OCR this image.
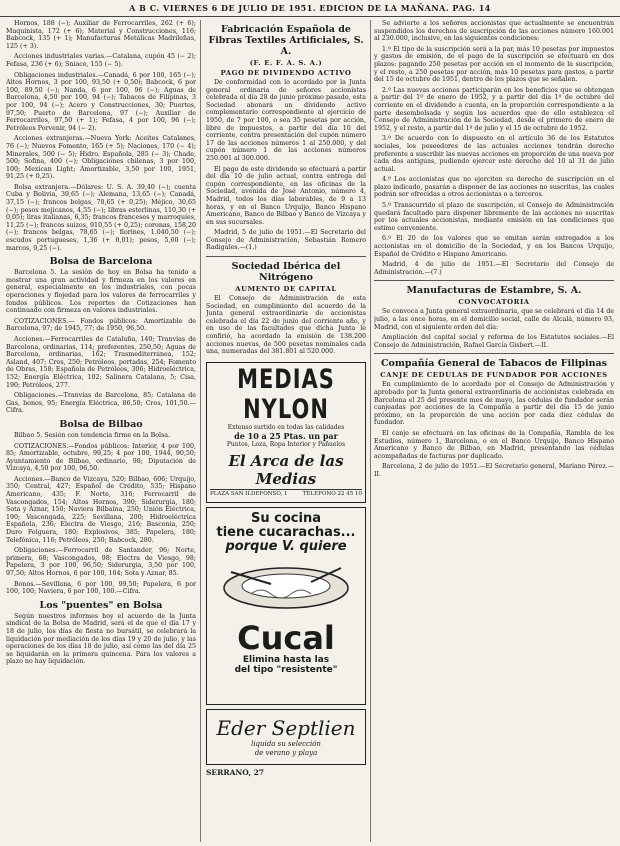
A B C. VIERNES 6 DE JULIO DE 1951. EDICION DE LA MAÑANA. PAG. 14

Hornos, 188 (−); Auxiliar de Ferrocarriles, 262 (+ 6); Maquinista, 172 (+ 6); Material y Construcciones, 116; Babcock, 135 (+ 1); Manufacturas Metálicas Madrileñas, 125 (+ 3).

Acciones industriales varias.—Catalana, cupón 45 (− 2); Fefasa, 236 (+ 6); Sniace, 155 (− 5).

Obligaciones industriales.—Canadá, 6 por 100, 165 (−); Altos Hornos, 3 por 100, 93,50 (+ 0,50); Babcock, 6 por 100, 89,50 (−); Nanda, 6 por 100, 96 (−); Aguas de Barcelona, 4,50 por 100, 94 (−); Tabacos de Filipinas, 3 por 100, 94 (−); Acero y Construcciones, 30; Puertos, 97,50; Puerto de Barcelona, 97 (−); Auxiliar de Ferrocarriles, 97,50 (+ 1); Fefasa, 4 por 100, 96 (−); Petróleos Porvenir, 94 (− 2).

Acciones extranjeras.—Nueva York: Aceites Catalanes, 76 (−); Nuevos Fomento, 165 (+ 5); Naciones, 170 (− 4); Minerales, 500 (− 5); Hidro. Española, 285 (− 3); Chade, 500; Sofina, 400 (−); Obligaciones chilenas, 3 por 100, 100; Mexican Light; Amortizable, 3,50 por 100, 1951, 91,25 (+ 0,25).

Bolsa extranjera.—Dólares: U. S. A. 39,40 (−); cuenta Cuba y Bolivia, 39,65 (−); Alemana, 13,65 (−); Canadá, 37,15 (−); francos belgas, 78,65 (+ 0,25); Méjico, 30,65 (−); pesos mejicanos, 4,55 (−); libras esterlinas, 110,30 (+ 0,05); liras italianas, 6,35; francos franceses y marroquíes, 11,25 (−); francos suizos, 910,55 (+ 0,25); coronas, 158,20 (−); francos belgas, 78,65 (−); florines, 1.040,50 (−); escudos portugueses, 1,36 (+ 0,01); pesos, 5,60 (−); marcos, 9,25 (−).

Bolsa de Barcelona

Barcelona 5. La sesión de hoy en Bolsa ha tenido a mostrar una gran actividad y firmeza en los valores en general, especialmente en los industriales, con pocas operaciones y flojedad para los valores de ferrocarriles y fondos públicos. Los reportes de Cotizaciones han continuado con firmeza en valores industriales.

COTIZACIONES.— Fondos públicos: Amortizable de Barcelona, 97; de 1945, 77; de 1950, 96,50.

Acciones.—Ferrocarriles de Cataluña, 140; Tranvías de Barcelona, ordinarias, 114; preferentes, 250,50; Aguas de Barcelona, ordinarias, 162; Trasmediterránea, 152; Asland, 407; Cros, 250; Petróleos, portadas, 254; Fomento de Obras, 158; Española de Petróleos, 306; Hidroeléctrica, 152; Energía Eléctrica, 102; Salinera Catalana, 5; Cisa, 190; Petróleos, 277.

Obligaciones.—Tranvías de Barcelona, 85; Catalana de Gas, bonos, 95; Energía Eléctrica, 86,50; Cros, 101,50.—Cifra.

Bolsa de Bilbao

Bilbao 5. Sesión con tendencia firme en la Bolsa.

COTIZACIONES.—Fondos públicos: Interior, 4 por 100, 85; Amortizable, octubre, 99,25; 4 por 100, 1944, 90,50; Ayuntamiento de Bilbao, ordinario, 98; Diputación de Vizcaya, 4,50 por 100, 96,50.

Acciones.—Banco de Vizcaya, 520; Bilbao, 606; Urquijo, 350; Central, 427; Español de Crédito, 535; Hispano Americano, 435; F. Norte, 316; Ferrocarril de Vascongados, 154; Altos Hornos, 390; Siderurgia, 180; Sota y Aznar, 150; Naviera Bilbaína, 250; Unión Eléctrica, 190; Vascongada, 225; Sevillana, 200; Hidroeléctrica Española, 236; Electra de Viesgo, 216; Basconia, 250; Duro Felguera, 180; Explosivos, 385; Papelera, 180; Telefónica, 116; Petróleos, 250; Babcock, 280.

Obligaciones.—Ferrocarril de Santander, 96; Norte, primera, 68; Vascongados, 98; Electra de Viesgo, 98; Papelera, 3 por 100, 96,50; Siderurgia, 3,50 por 100, 97,50; Altos Hornos, 6 por 100, 104; Sota y Aznar, 85.

Bonos.—Sevillana, 6 por 100, 99,50; Papelera, 6 por 100, 100; Naviera, 6 por 100, 100.—Cifra.

Los "puentes" en Bolsa

Según nuestros informes hoy el acuerdo de la Junta sindical de la Bolsa de Madrid, será el de que el día 17 y 18 de julio, los días de fiesta no bursátil, se celebrará la liquidación por mediación de los días 19 y 20 de julio, y las operaciones de los días 18 de julio, así como las del día 25 se liquidarán en la primera quincena. Para los valores a plazo no hay liquidación.

Fabricación Española de Fibras Textiles Artificiales, S. A.
(F. E. F. A. S. A.)
PAGO DE DIVIDENDO ACTIVO

De conformidad con lo acordado por la Junta general ordinaria de señores accionistas celebrada el día 28 de junio próximo pasado, esta Sociedad abonará un dividendo activo complementario correspondiente al ejercicio de 1950, de 7 por 100, o sea 35 pesetas por acción, libre de impuestos, a partir del día 10 del corriente, contra presentación del cupón número 17 de las acciones números 1 al 250.000, y del cupón número 1 de las acciones números 250.001 al 300.000.

El pago de este dividendo se efectuará a partir del día 10 de julio actual, contra entrega del cupón correspondiente, en las oficinas de la Sociedad, avenida de José Antonio, número 4, Madrid, todos los días laborables, de 9 a 13 horas, y en el Banco Urquijo, Banco Hispano Americano, Banco de Bilbao y Banco de Vizcaya y en sus sucursales.

Madrid, 5 de julio de 1951.—El Secretario del Consejo de Administración, Sebastián Romero Radigales.—(1.)

Sociedad Ibérica del Nitrógeno
AUMENTO DE CAPITAL

El Consejo de Administración de esta Sociedad, en cumplimiento del acuerdo de la Junta general extraordinaria de accionistas celebrada el día 22 de junio del corriente año, y en uso de las facultades que dicha Junta le confirió, ha acordado la emisión de 138.200 acciones nuevas, de 500 pesetas nominales cada una, numeradas del 381.801 al 520.000.

MEDIAS NYLON
Extenso surtido en todas las calidades
de 10 a 25 Ptas. un par
Puntos, Loza, Ropa Interior y Pañuelos
El Arca de las Medias
PLAZA SAN ILDEFONSO, 1	TELEFONO 22 45 10
Su cocina
tiene cucarachas...
porque V. quiere
Cucal
Elimina hasta las
del tipo "resistente"
Eder Septlien
liquida su selección
de verano y playa
SERRANO, 27

Se advierte a los señores accionistas que actualmente se encuentran suspendidos los derechos de suscripción de las acciones número 160.001 al 230.000, inclusive, en las siguientes condiciones:

1.º El tipo de la suscripción será a la par, más 10 pesetas por impuestos y gastos de emisión, de el pago de la suscripción se efectuará en dos plazos: pagando 250 pesetas por acción en el momento de la suscripción, y el resto, a 250 pesetas por acción, más 10 pesetas para gastos, a partir del 15 de octubre de 1951, dentro de los plazos que se señalen.

2.º Las nuevas acciones participarán en los beneficios que se obtengan a partir del 1º de enero de 1952, y a partir del día 1º de octubre del corriente en el dividendo a cuenta, en la proporción correspondiente a la parte desembolsada y según los acuerdos que de ello establezca el Consejo de Administración de la Sociedad, desde el primero de enero de 1952, y el resto, a partir del 1º de julio y el 15 de octubre de 1952.

3.º De acuerdo con lo dispuesto en el artículo 36 de los Estatutos sociales, los poseedores de las actuales acciones tendrán derecho preferente a suscribir las nuevas acciones en proporción de una nueva por cada dos antiguas, pudiendo ejercer este derecho del 10 al 31 de julio actual.

4.º Los accionistas que no ejerciten su derecho de suscripción en el plazo indicado, pasarán a disponer de las acciones no suscritas, las cuales podrán ser ofrecidas a otros accionistas o a terceros.

5.º Transcurrido el plazo de suscripción, el Consejo de Administración quedará facultado para disponer libremente de las acciones no suscritas por los actuales accionistas, mediante emisión en las condiciones que estime conveniente.

6.º El 20 de los valores que se emitan serán entregados a los accionistas en el domicilio de la Sociedad, y en los Bancos Urquijo, Español de Crédito e Hispano Americano.

Madrid, 4 de julio de 1951.—El Secretario del Consejo de Administración.—(7.)

Manufacturas de Estambre, S. A.
CONVOCATORIA

Se convoca a Junta general extraordinaria, que se celebrará el día 14 de julio, a las once horas, en el domicilio social, calle de Alcalá, número 93, Madrid, con el siguiente orden del día:

Ampliación del capital social y reforma de los Estatutos sociales.—El Consejo de Administración, Rafael García Gisbert.—II.

Compañía General de Tabacos de Filipinas
CANJE DE CEDULAS DE FUNDADOR POR ACCIONES

En cumplimiento de lo acordado por el Consejo de Administración y aprobado por la Junta general extraordinaria de accionistas celebrada en Barcelona el 25 del presente mes de mayo, las cédulas de fundador serán canjeadas por acciones de la Compañía a partir del día 15 de junio próximo, en la proporción de una acción por cada diez cédulas de fundador.

El canje se efectuará en las oficinas de la Compañía, Rambla de los Estudios, número 1, Barcelona, o en el Banco Urquijo, Banco Hispano Americano y Banco de Bilbao, en Madrid, presentando las cédulas acompañadas de facturas por duplicado.

Barcelona, 2 de julio de 1951.—El Secretario general, Mariano Pérez.—II.
